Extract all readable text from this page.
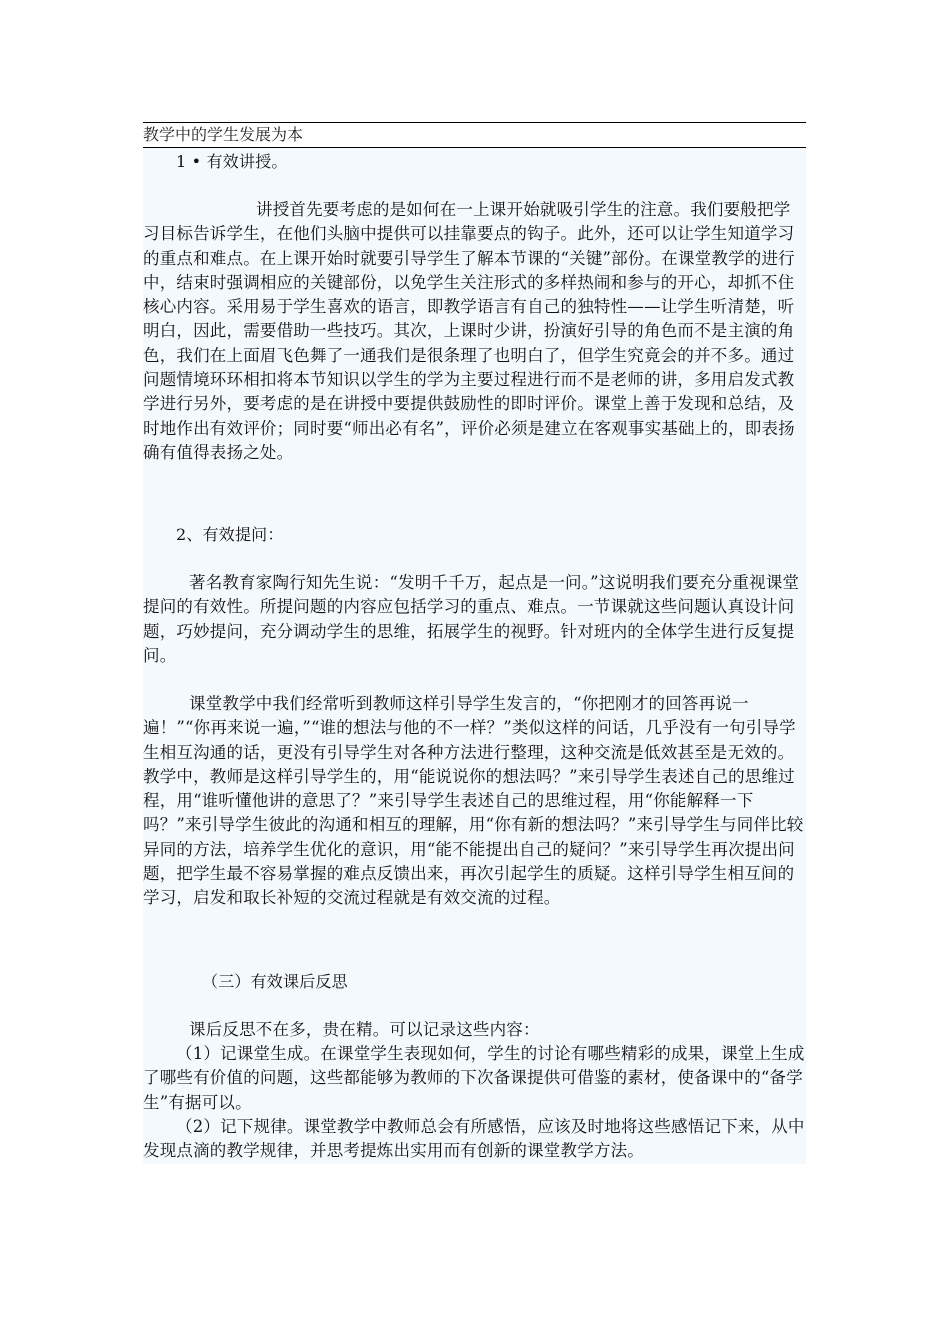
教学中的学生发展为本
1 • 有效讲授。
讲授首先要考虑的是如何在一上课开始就吸引学生的注意。我们要般把学习目标告诉学生，在他们头脑中提供可以挂靠要点的钩子。此外，还可以让学生知道学习的重点和难点。在上课开始时就要引导学生了解本节课的“关键”部份。在课堂教学的进行中，结束时强调相应的关键部份，以免学生关注形式的多样热闹和参与的开心，却抓不住核心内容。采用易于学生喜欢的语言，即教学语言有自己的独特性——让学生听清楚，听明白，因此，需要借助一些技巧。其次，上课时少讲，扮演好引导的角色而不是主演的角色，我们在上面眉飞色舞了一通我们是很条理了也明白了，但学生究竟会的并不多。通过问题情境环环相扣将本节知识以学生的学为主要过程进行而不是老师的讲，多用启发式教学进行另外，要考虑的是在讲授中要提供鼓励性的即时评价。课堂上善于发现和总结，及时地作出有效评价；同时要“师出必有名”，评价必须是建立在客观事实基础上的，即表扬确有值得表扬之处。
2、有效提问：
著名教育家陶行知先生说：“发明千千万，起点是一问。”这说明我们要充分重视课堂提问的有效性。所提问题的内容应包括学习的重点、难点。一节课就这些问题认真设计问题，巧妙提问，充分调动学生的思维，拓展学生的视野。针对班内的全体学生进行反复提问。
课堂教学中我们经常听到教师这样引导学生发言的，“你把刚才的回答再说一遍！”“你再来说一遍，”“谁的想法与他的不一样？”类似这样的问话，几乎没有一句引导学生相互沟通的话，更没有引导学生对各种方法进行整理，这种交流是低效甚至是无效的。教学中，教师是这样引导学生的，用“能说说你的想法吗？”来引导学生表述自己的思维过程，用“谁听懂他讲的意思了？”来引导学生表述自己的思维过程，用“你能解释一下吗？”来引导学生彼此的沟通和相互的理解，用“你有新的想法吗？”来引导学生与同伴比较异同的方法，培养学生优化的意识，用“能不能提出自己的疑问？”来引导学生再次提出问题，把学生最不容易掌握的难点反馈出来，再次引起学生的质疑。这样引导学生相互间的学习，启发和取长补短的交流过程就是有效交流的过程。
（三）有效课后反思
课后反思不在多，贵在精。可以记录这些内容：
（1）记课堂生成。在课堂学生表现如何，学生的讨论有哪些精彩的成果，课堂上生成了哪些有价值的问题，这些都能够为教师的下次备课提供可借鉴的素材，使备课中的“备学生”有据可以。
（2）记下规律。课堂教学中教师总会有所感悟，应该及时地将这些感悟记下来，从中发现点滴的教学规律，并思考提炼出实用而有创新的课堂教学方法。
